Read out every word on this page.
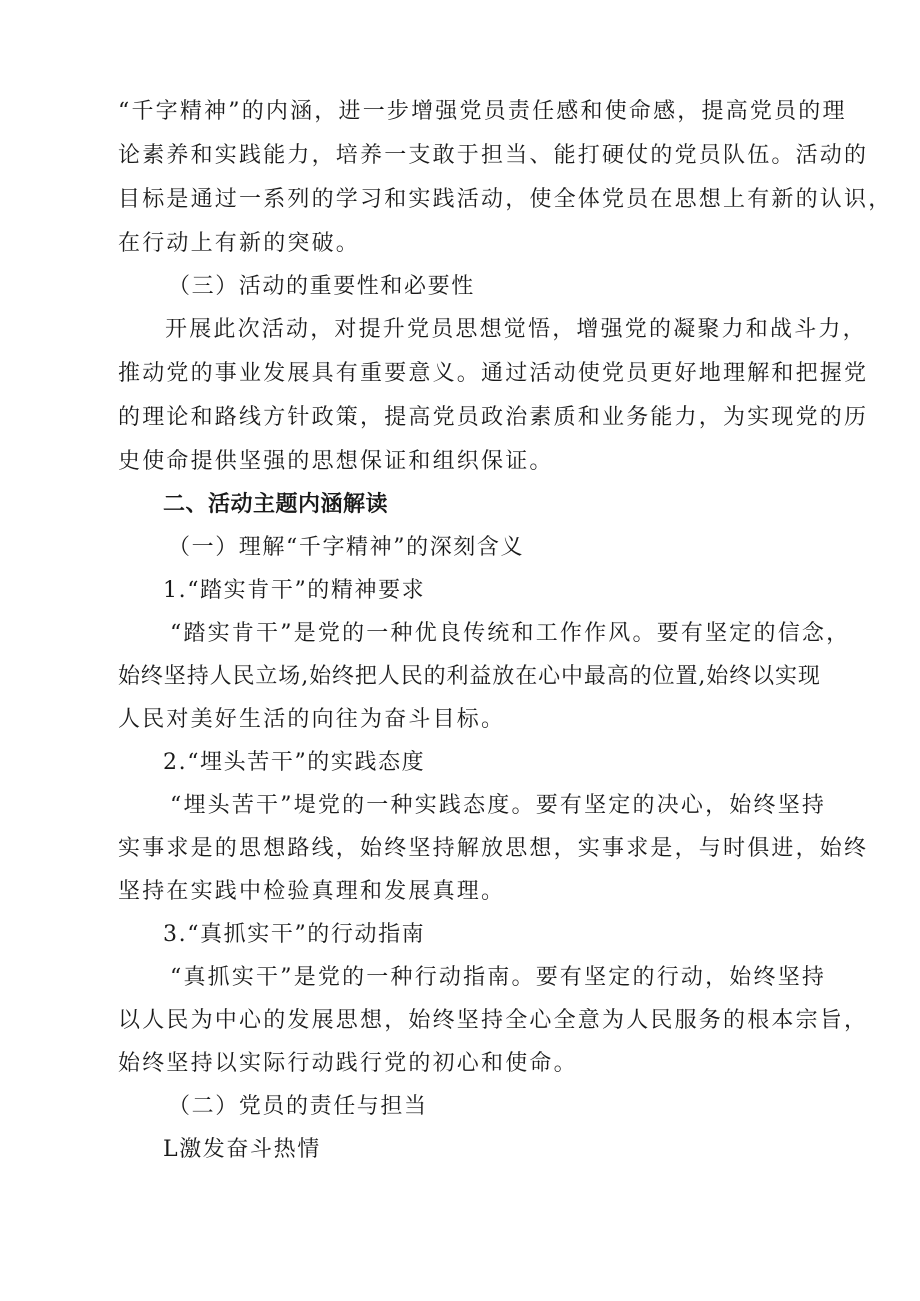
“千字精神”的内涵，进一步增强党员责任感和使命感，提高党员的理
论素养和实践能力，培养一支敢于担当、能打硬仗的党员队伍。活动的
目标是通过一系列的学习和实践活动，使全体党员在思想上有新的认识，
在行动上有新的突破。
（三）活动的重要性和必要性
开展此次活动，对提升党员思想觉悟，增强党的凝聚力和战斗力，
推动党的事业发展具有重要意义。通过活动使党员更好地理解和把握党
的理论和路线方针政策，提高党员政治素质和业务能力，为实现党的历
史使命提供坚强的思想保证和组织保证。
二、活动主题内涵解读
（一）理解“千字精神”的深刻含义
1.“踏实肯干”的精神要求
“踏实肯干”是党的一种优良传统和工作作风。要有坚定的信念，
始终坚持人民立场,始终把人民的利益放在心中最高的位置,始终以实现
人民对美好生活的向往为奋斗目标。
2.“埋头苦干”的实践态度
“埋头苦干”堤党的一种实践态度。要有坚定的决心，始终坚持
实事求是的思想路线，始终坚持解放思想，实事求是，与时俱进，始终
坚持在实践中检验真理和发展真理。
3.“真抓实干”的行动指南
“真抓实干”是党的一种行动指南。要有坚定的行动，始终坚持
以人民为中心的发展思想，始终坚持全心全意为人民服务的根本宗旨，
始终坚持以实际行动践行党的初心和使命。
（二）党员的责任与担当
L激发奋斗热情
